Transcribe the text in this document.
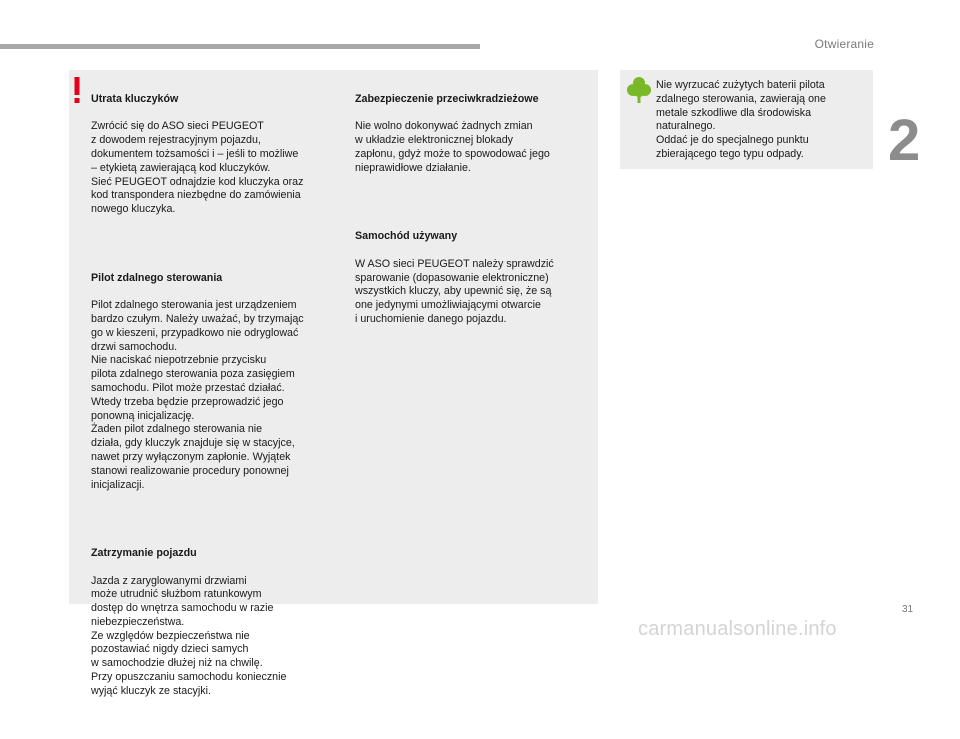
Otwieranie
2

Utrata kluczyków

Zwrócić się do ASO sieci PEUGEOT
z dowodem rejestracyjnym pojazdu,
dokumentem tożsamości i – jeśli to możliwe
– etykietą zawierającą kod kluczyków.
Sieć PEUGEOT odnajdzie kod kluczyka oraz
kod transpondera niezbędne do zamówienia
nowego kluczyka.

Pilot zdalnego sterowania

Pilot zdalnego sterowania jest urządzeniem
bardzo czułym. Należy uważać, by trzymając
go w kieszeni, przypadkowo nie odryglować
drzwi samochodu.
Nie naciskać niepotrzebnie przycisku
pilota zdalnego sterowania poza zasięgiem
samochodu. Pilot może przestać działać.
Wtedy trzeba będzie przeprowadzić jego
ponowną inicjalizację.
Żaden pilot zdalnego sterowania nie
działa, gdy kluczyk znajduje się w stacyjce,
nawet przy wyłączonym zapłonie. Wyjątek
stanowi realizowanie procedury ponownej
inicjalizacji.

Zatrzymanie pojazdu

Jazda z zaryglowanymi drzwiami
może utrudnić służbom ratunkowym
dostęp do wnętrza samochodu w razie
niebezpieczeństwa.
Ze względów bezpieczeństwa nie
pozostawiać nigdy dzieci samych
w samochodzie dłużej niż na chwilę.
Przy opuszczaniu samochodu koniecznie
wyjąć kluczyk ze stacyjki.

Zabezpieczenie przeciwkradzieżowe

Nie wolno dokonywać żadnych zmian
w układzie elektronicznej blokady
zapłonu, gdyż może to spowodować jego
nieprawidłowe działanie.

Samochód używany

W ASO sieci PEUGEOT należy sprawdzić
sparowanie (dopasowanie elektroniczne)
wszystkich kluczy, aby upewnić się, że są
one jedynymi umożliwiającymi otwarcie
i uruchomienie danego pojazdu.

Nie wyrzucać zużytych baterii pilota
zdalnego sterowania, zawierają one
metale szkodliwe dla środowiska
naturalnego.
Oddać je do specjalnego punktu
zbierającego tego typu odpady.

31
carmanualsonline.info
